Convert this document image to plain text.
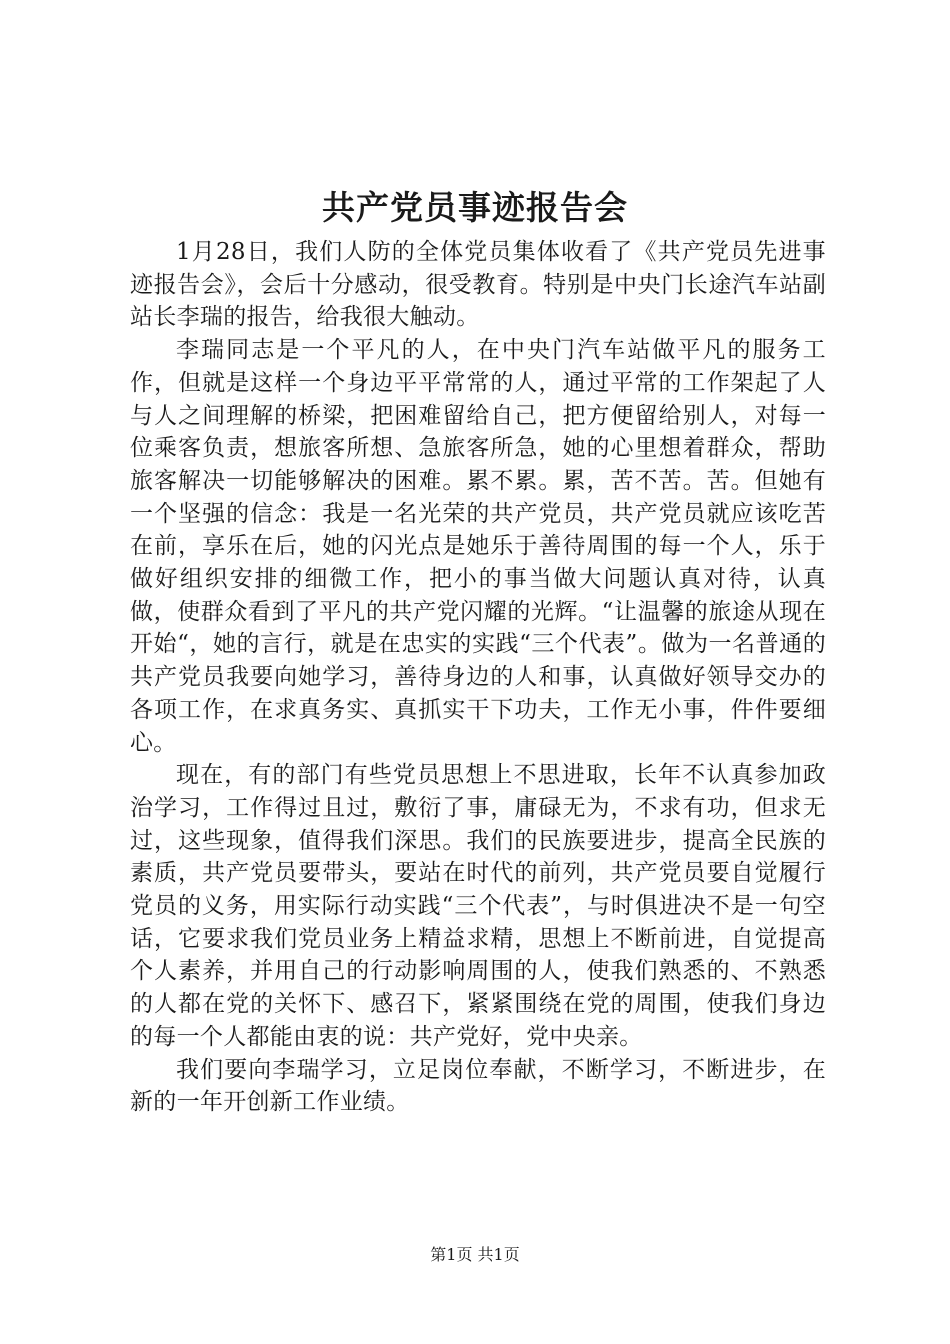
共产党员事迹报告会

1月28日，我们人防的全体党员集体收看了《共产党员先进事迹报告会》，会后十分感动，很受教育。特别是中央门长途汽车站副站长李瑞的报告，给我很大触动。

李瑞同志是一个平凡的人，在中央门汽车站做平凡的服务工作，但就是这样一个身边平平常常的人，通过平常的工作架起了人与人之间理解的桥梁，把困难留给自己，把方便留给别人，对每一位乘客负责，想旅客所想、急旅客所急，她的心里想着群众，帮助旅客解决一切能够解决的困难。累不累。累，苦不苦。苦。但她有一个坚强的信念：我是一名光荣的共产党员，共产党员就应该吃苦在前，享乐在后，她的闪光点是她乐于善待周围的每一个人，乐于做好组织安排的细微工作，把小的事当做大问题认真对待，认真做，使群众看到了平凡的共产党闪耀的光辉。“让温馨的旅途从现在开始“，她的言行，就是在忠实的实践“三个代表”。做为一名普通的共产党员我要向她学习，善待身边的人和事，认真做好领导交办的各项工作，在求真务实、真抓实干下功夫，工作无小事，件件要细心。

现在，有的部门有些党员思想上不思进取，长年不认真参加政治学习，工作得过且过，敷衍了事，庸碌无为，不求有功，但求无过，这些现象，值得我们深思。我们的民族要进步，提高全民族的素质，共产党员要带头，要站在时代的前列，共产党员要自觉履行党员的义务，用实际行动实践“三个代表”，与时俱进决不是一句空话，它要求我们党员业务上精益求精，思想上不断前进，自觉提高个人素养，并用自己的行动影响周围的人，使我们熟悉的、不熟悉的人都在党的关怀下、感召下，紧紧围绕在党的周围，使我们身边的每一个人都能由衷的说：共产党好，党中央亲。

我们要向李瑞学习，立足岗位奉献，不断学习，不断进步，在新的一年开创新工作业绩。

第1页 共1页
